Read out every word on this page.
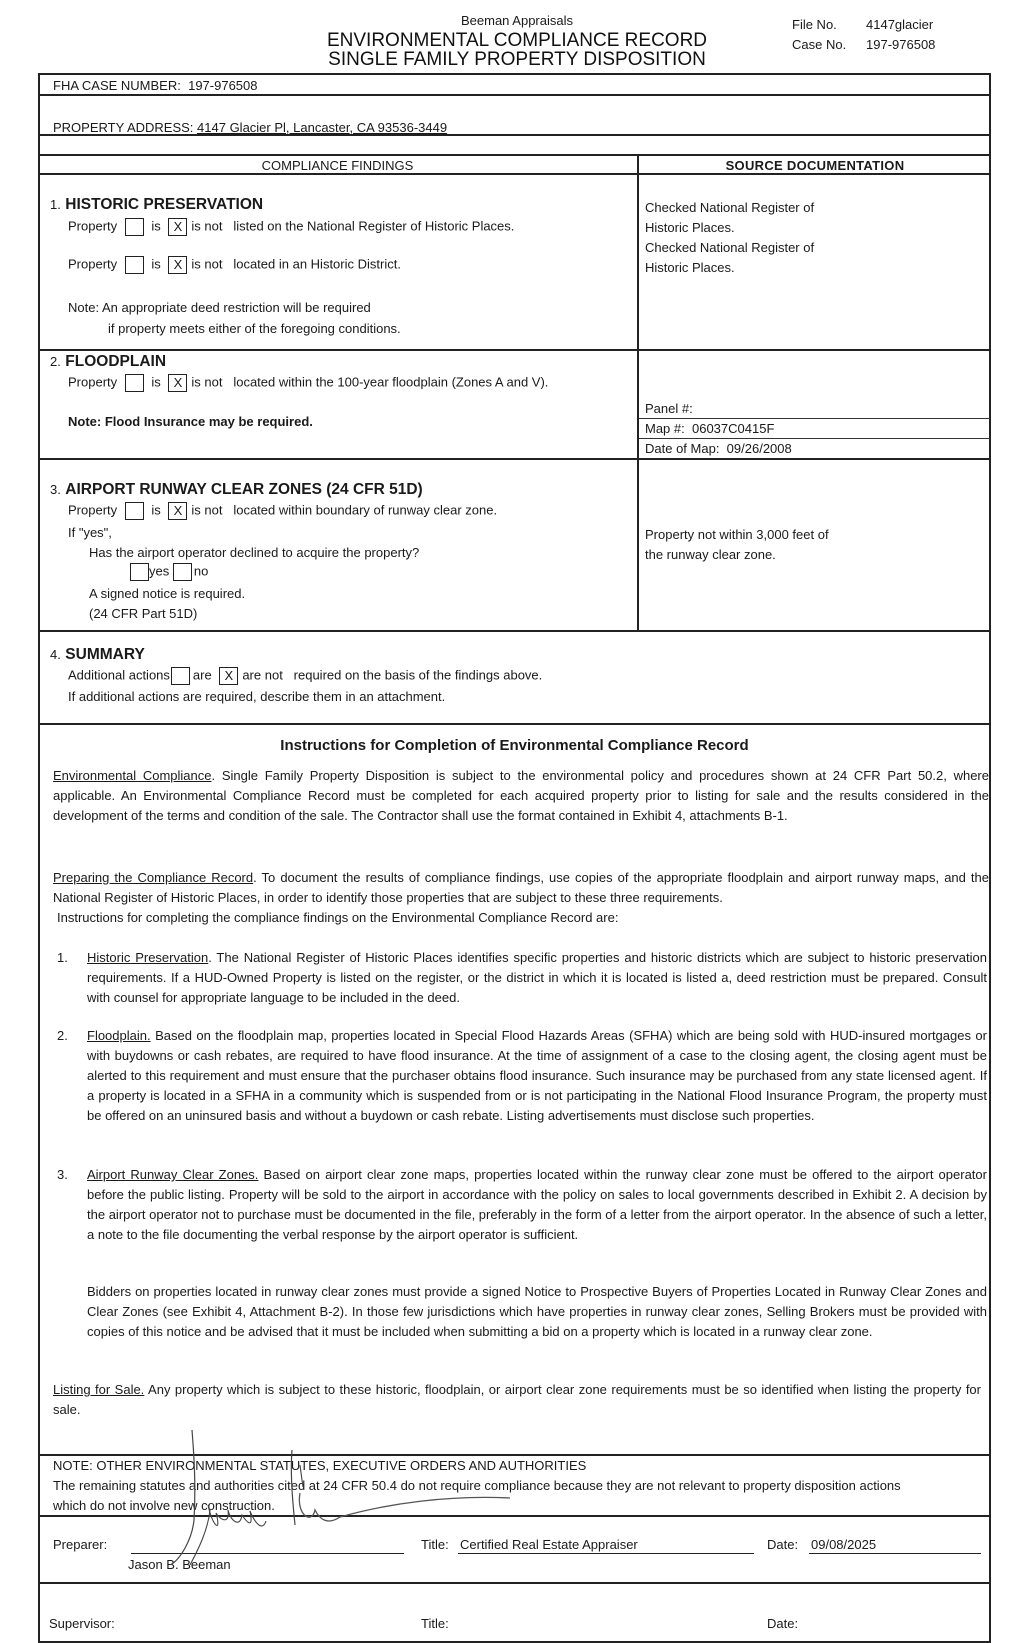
Beeman Appraisals
ENVIRONMENTAL COMPLIANCE RECORD
SINGLE FAMILY PROPERTY DISPOSITION
File No. 4147glacier
Case No. 197-976508
FHA CASE NUMBER: 197-976508
PROPERTY ADDRESS: 4147 Glacier Pl, Lancaster, CA 93536-3449
COMPLIANCE FINDINGS	SOURCE DOCUMENTATION
1. HISTORIC PRESERVATION
Property	is X is not listed on the National Register of Historic Places.
Property	is X is not located in an Historic District.
Note: An appropriate deed restriction will be required
if property meets either of the foregoing conditions.
Checked National Register of
Historic Places.
Checked National Register of
Historic Places.
2. FLOODPLAIN
Property	is X is not located within the 100-year floodplain (Zones A and V).
Note: Flood Insurance may be required.
Panel #:
Map #: 06037C0415F
Date of Map: 09/26/2008
3. AIRPORT RUNWAY CLEAR ZONES (24 CFR 51D)
Property	is X is not located within boundary of runway clear zone.
If "yes",
Has the airport operator declined to acquire the property?
yes no
A signed notice is required.
(24 CFR Part 51D)
Property not within 3,000 feet of
the runway clear zone.
4. SUMMARY
Additional actions are X are not required on the basis of the findings above.
If additional actions are required, describe them in an attachment.
Instructions for Completion of Environmental Compliance Record
Environmental Compliance. Single Family Property Disposition is subject to the environmental policy and procedures shown at 24 CFR Part 50.2, where applicable. An Environmental Compliance Record must be completed for each acquired property prior to listing for sale and the results considered in the development of the terms and condition of the sale. The Contractor shall use the format contained in Exhibit 4, attachments B-1.
Preparing the Compliance Record. To document the results of compliance findings, use copies of the appropriate floodplain and airport runway maps, and the National Register of Historic Places, in order to identify those properties that are subject to these three requirements.
Instructions for completing the compliance findings on the Environmental Compliance Record are:
1. Historic Preservation. The National Register of Historic Places identifies specific properties and historic districts which are subject to historic preservation requirements. If a HUD-Owned Property is listed on the register, or the district in which it is located is listed a, deed restriction must be prepared. Consult with counsel for appropriate language to be included in the deed.
2. Floodplain. Based on the floodplain map, properties located in Special Flood Hazards Areas (SFHA) which are being sold with HUD-insured mortgages or with buydowns or cash rebates, are required to have flood insurance. At the time of assignment of a case to the closing agent, the closing agent must be alerted to this requirement and must ensure that the purchaser obtains flood insurance. Such insurance may be purchased from any state licensed agent. If a property is located in a SFHA in a community which is suspended from or is not participating in the National Flood Insurance Program, the property must be offered on an uninsured basis and without a buydown or cash rebate. Listing advertisements must disclose such properties.
3. Airport Runway Clear Zones. Based on airport clear zone maps, properties located within the runway clear zone must be offered to the airport operator before the public listing. Property will be sold to the airport in accordance with the policy on sales to local governments described in Exhibit 2. A decision by the airport operator not to purchase must be documented in the file, preferably in the form of a letter from the airport operator. In the absence of such a letter, a note to the file documenting the verbal response by the airport operator is sufficient.
Bidders on properties located in runway clear zones must provide a signed Notice to Prospective Buyers of Properties Located in Runway Clear Zones and Clear Zones (see Exhibit 4, Attachment B-2). In those few jurisdictions which have properties in runway clear zones, Selling Brokers must be provided with copies of this notice and be advised that it must be included when submitting a bid on a property which is located in a runway clear zone.
Listing for Sale. Any property which is subject to these historic, floodplain, or airport clear zone requirements must be so identified when listing the property for sale.
NOTE: OTHER ENVIRONMENTAL STATUTES, EXECUTIVE ORDERS AND AUTHORITIES
The remaining statutes and authorities cited at 24 CFR 50.4 do not require compliance because they are not relevant to property disposition actions which do not involve new construction.
Preparer:
Jason B. Beeman
Title: Certified Real Estate Appraiser	Date: 09/08/2025
Supervisor:	Title:	Date:
